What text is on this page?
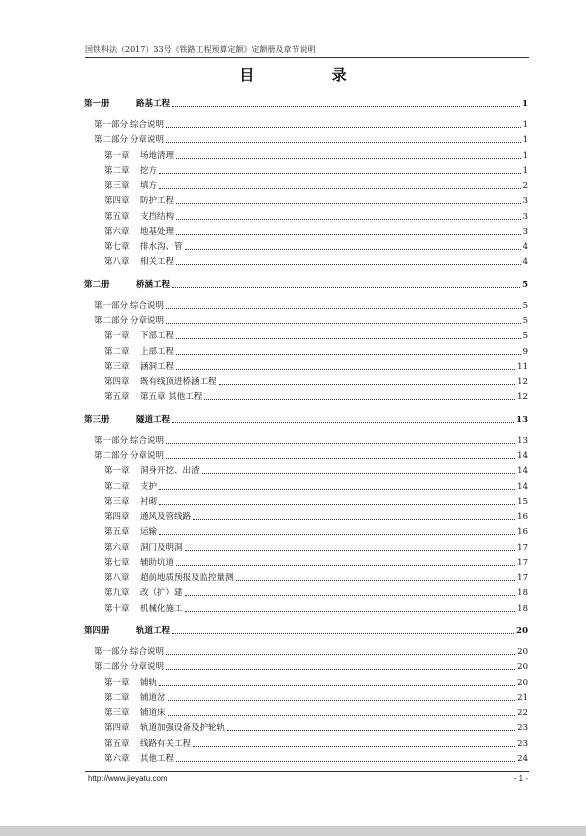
国铁科法（2017）33号《铁路工程预算定额》定额册及章节说明
目 录
第一册	路基工程	1
第一部分 综合说明	1
第二部分 分章说明	1
第一章	场地清理	1
第二章	挖方	1
第三章	填方	2
第四章	防护工程	3
第五章	支挡结构	3
第六章	地基处理	3
第七章	排水沟、管	4
第八章	相关工程	4
第二册	桥涵工程	5
第一部分 综合说明	5
第二部分 分章说明	5
第一章	下部工程	5
第二章	上部工程	9
第三章	涵洞工程	11
第四章	既有线顶进桥涵工程	12
第五章	第五章 其他工程	12
第三册	隧道工程	13
第一部分 综合说明	13
第二部分 分章说明	14
第一章	洞身开挖、出渣	14
第二章	支护	14
第三章	衬砌	15
第四章	通风及管线路	16
第五章	运输	16
第六章	洞门及明洞	17
第七章	辅助坑道	17
第八章	超前地质预报及监控量测	17
第九章	改（扩）建	18
第十章	机械化施工	18
第四册	轨道工程	20
第一部分 综合说明	20
第二部分 分章说明	20
第一章	铺轨	20
第二章	铺道岔	21
第三章	铺道床	22
第四章	轨道加强设备及护轮轨	23
第五章	线路有关工程	23
第六章	其他工程	24
http://www.jieyatu.com	- 1 -
